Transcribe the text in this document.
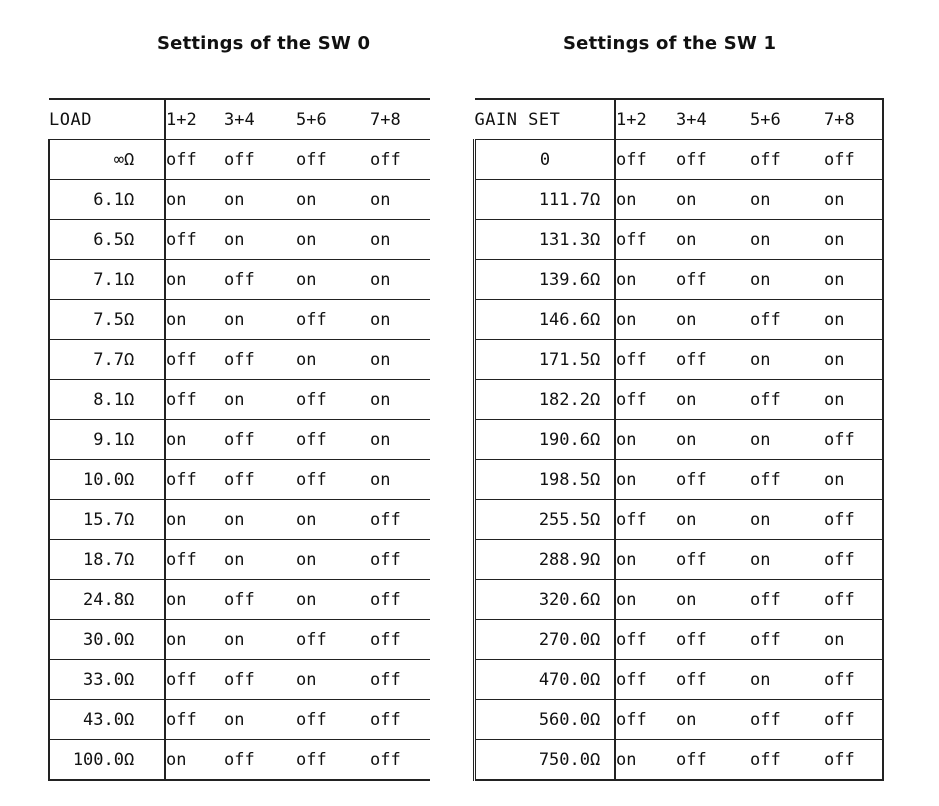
Settings of the SW 0	Settings of the SW 1
LOAD		1+2	3+4	5+6	7+8
∞	Ω	off	off	off	off
6.1	Ω	on	on	on	on
6.5	Ω	off	on	on	on
7.1	Ω	on	off	on	on
7.5	Ω	on	on	off	on
7.7	Ω	off	off	on	on
8.1	Ω	off	on	off	on
9.1	Ω	on	off	off	on
10.0	Ω	off	off	off	on
15.7	Ω	on	on	on	off
18.7	Ω	off	on	on	off
24.8	Ω	on	off	on	off
30.0	Ω	on	on	off	off
33.0	Ω	off	off	on	off
43.0	Ω	off	on	off	off
100.0	Ω	on	off	off	off
GAIN SET		1+2	3+4	5+6	7+8
0		off	off	off	off
111.7	Ω	on	on	on	on
131.3	Ω	off	on	on	on
139.6	Ω	on	off	on	on
146.6	Ω	on	on	off	on
171.5	Ω	off	off	on	on
182.2	Ω	off	on	off	on
190.6	Ω	on	on	on	off
198.5	Ω	on	off	off	on
255.5	Ω	off	on	on	off
288.9	Ω	on	off	on	off
320.6	Ω	on	on	off	off
270.0	Ω	off	off	off	on
470.0	Ω	off	off	on	off
560.0	Ω	off	on	off	off
750.0	Ω	on	off	off	off
